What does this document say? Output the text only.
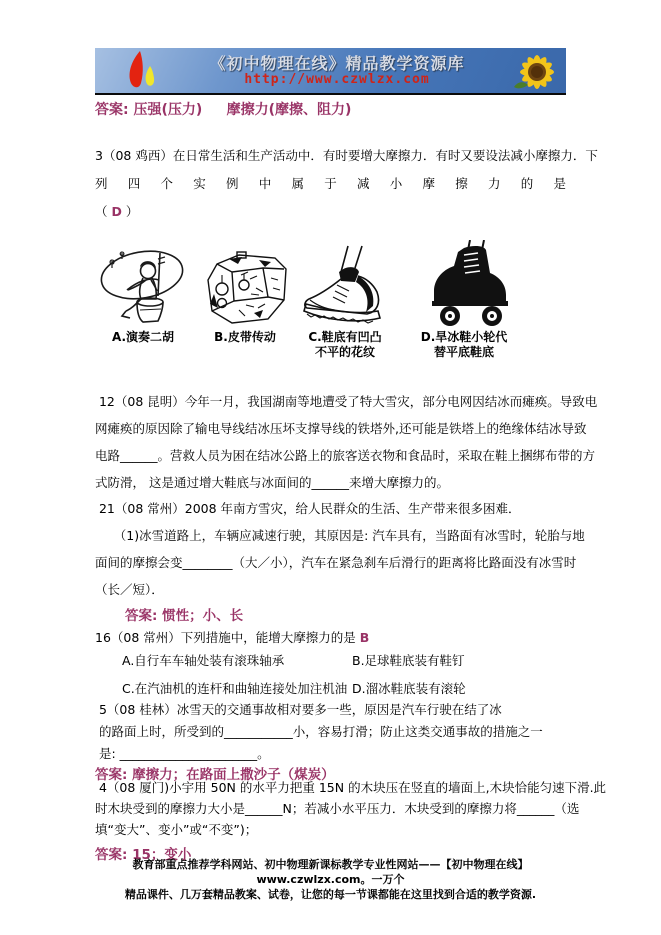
《初中物理在线》精品教学资源库
http://www.czwlzx.com
答案: 压强(压力)     摩擦力(摩擦、阻力)
3（08 鸡西）在日常生活和生产活动中．有时要增大摩擦力．有时又要设法减小摩擦力．下
列四个实例中属于减小摩擦力的是
（ D ）
A.演奏二胡	B.皮带传动	C.鞋底有凹凸
不平的花纹
D.旱冰鞋小轮代
替平底鞋底
12（08 昆明）今年一月，我国湖南等地遭受了特大雪灾，部分电网因结冰而瘫痪。导致电
网瘫痪的原因除了输电导线结冰压坏支撑导线的铁塔外,还可能是铁塔上的绝缘体结冰导致
电路______。营救人员为困在结冰公路上的旅客送衣物和食品时，采取在鞋上捆绑布带的方
式防滑， 这是通过增大鞋底与冰面间的______来增大摩擦力的。
21（08 常州）2008 年南方雪灾，给人民群众的生活、生产带来很多困难．
　　（1)冰雪道路上，车辆应减速行驶，其原因是: 汽车具有，当路面有冰雪时，轮胎与地
面间的摩擦会变________（大／小），汽车在紧急刹车后滑行的距离将比路面没有冰雪时
（长／短）．
答案: 惯性；小、长
16（08 常州）下列措施中，能增大摩擦力的是 B
A.自行车车轴处装有滚珠轴承	B.足球鞋底装有鞋钉
C.在汽油机的连杆和曲轴连接处加注机油 D.溜冰鞋底装有滚轮
5（08 桂林）冰雪天的交通事故相对要多一些，原因是汽车行驶在结了冰
的路面上时，所受到的___________小，容易打滑；防止这类交通事故的措施之一
是: ______________________。
答案: 摩擦力；在路面上撒沙子（煤炭）
4（08 厦门)小宇用 50N 的水平力把重 15N 的木块压在竖直的墙面上,木块恰能匀速下滑.此
时木块受到的摩擦力大小是______N；若减小水平压力．木块受到的摩擦力将______（选
填“变大”、变小”或“不变”)；
答案: 15；变小
教育部重点推荐学科网站、初中物理新课标教学专业性网站——【初中物理在线】www.czwlzx.com。一万个
精品课件、几万套精品教案、试卷，让您的每一节课都能在这里找到合适的教学资源.
